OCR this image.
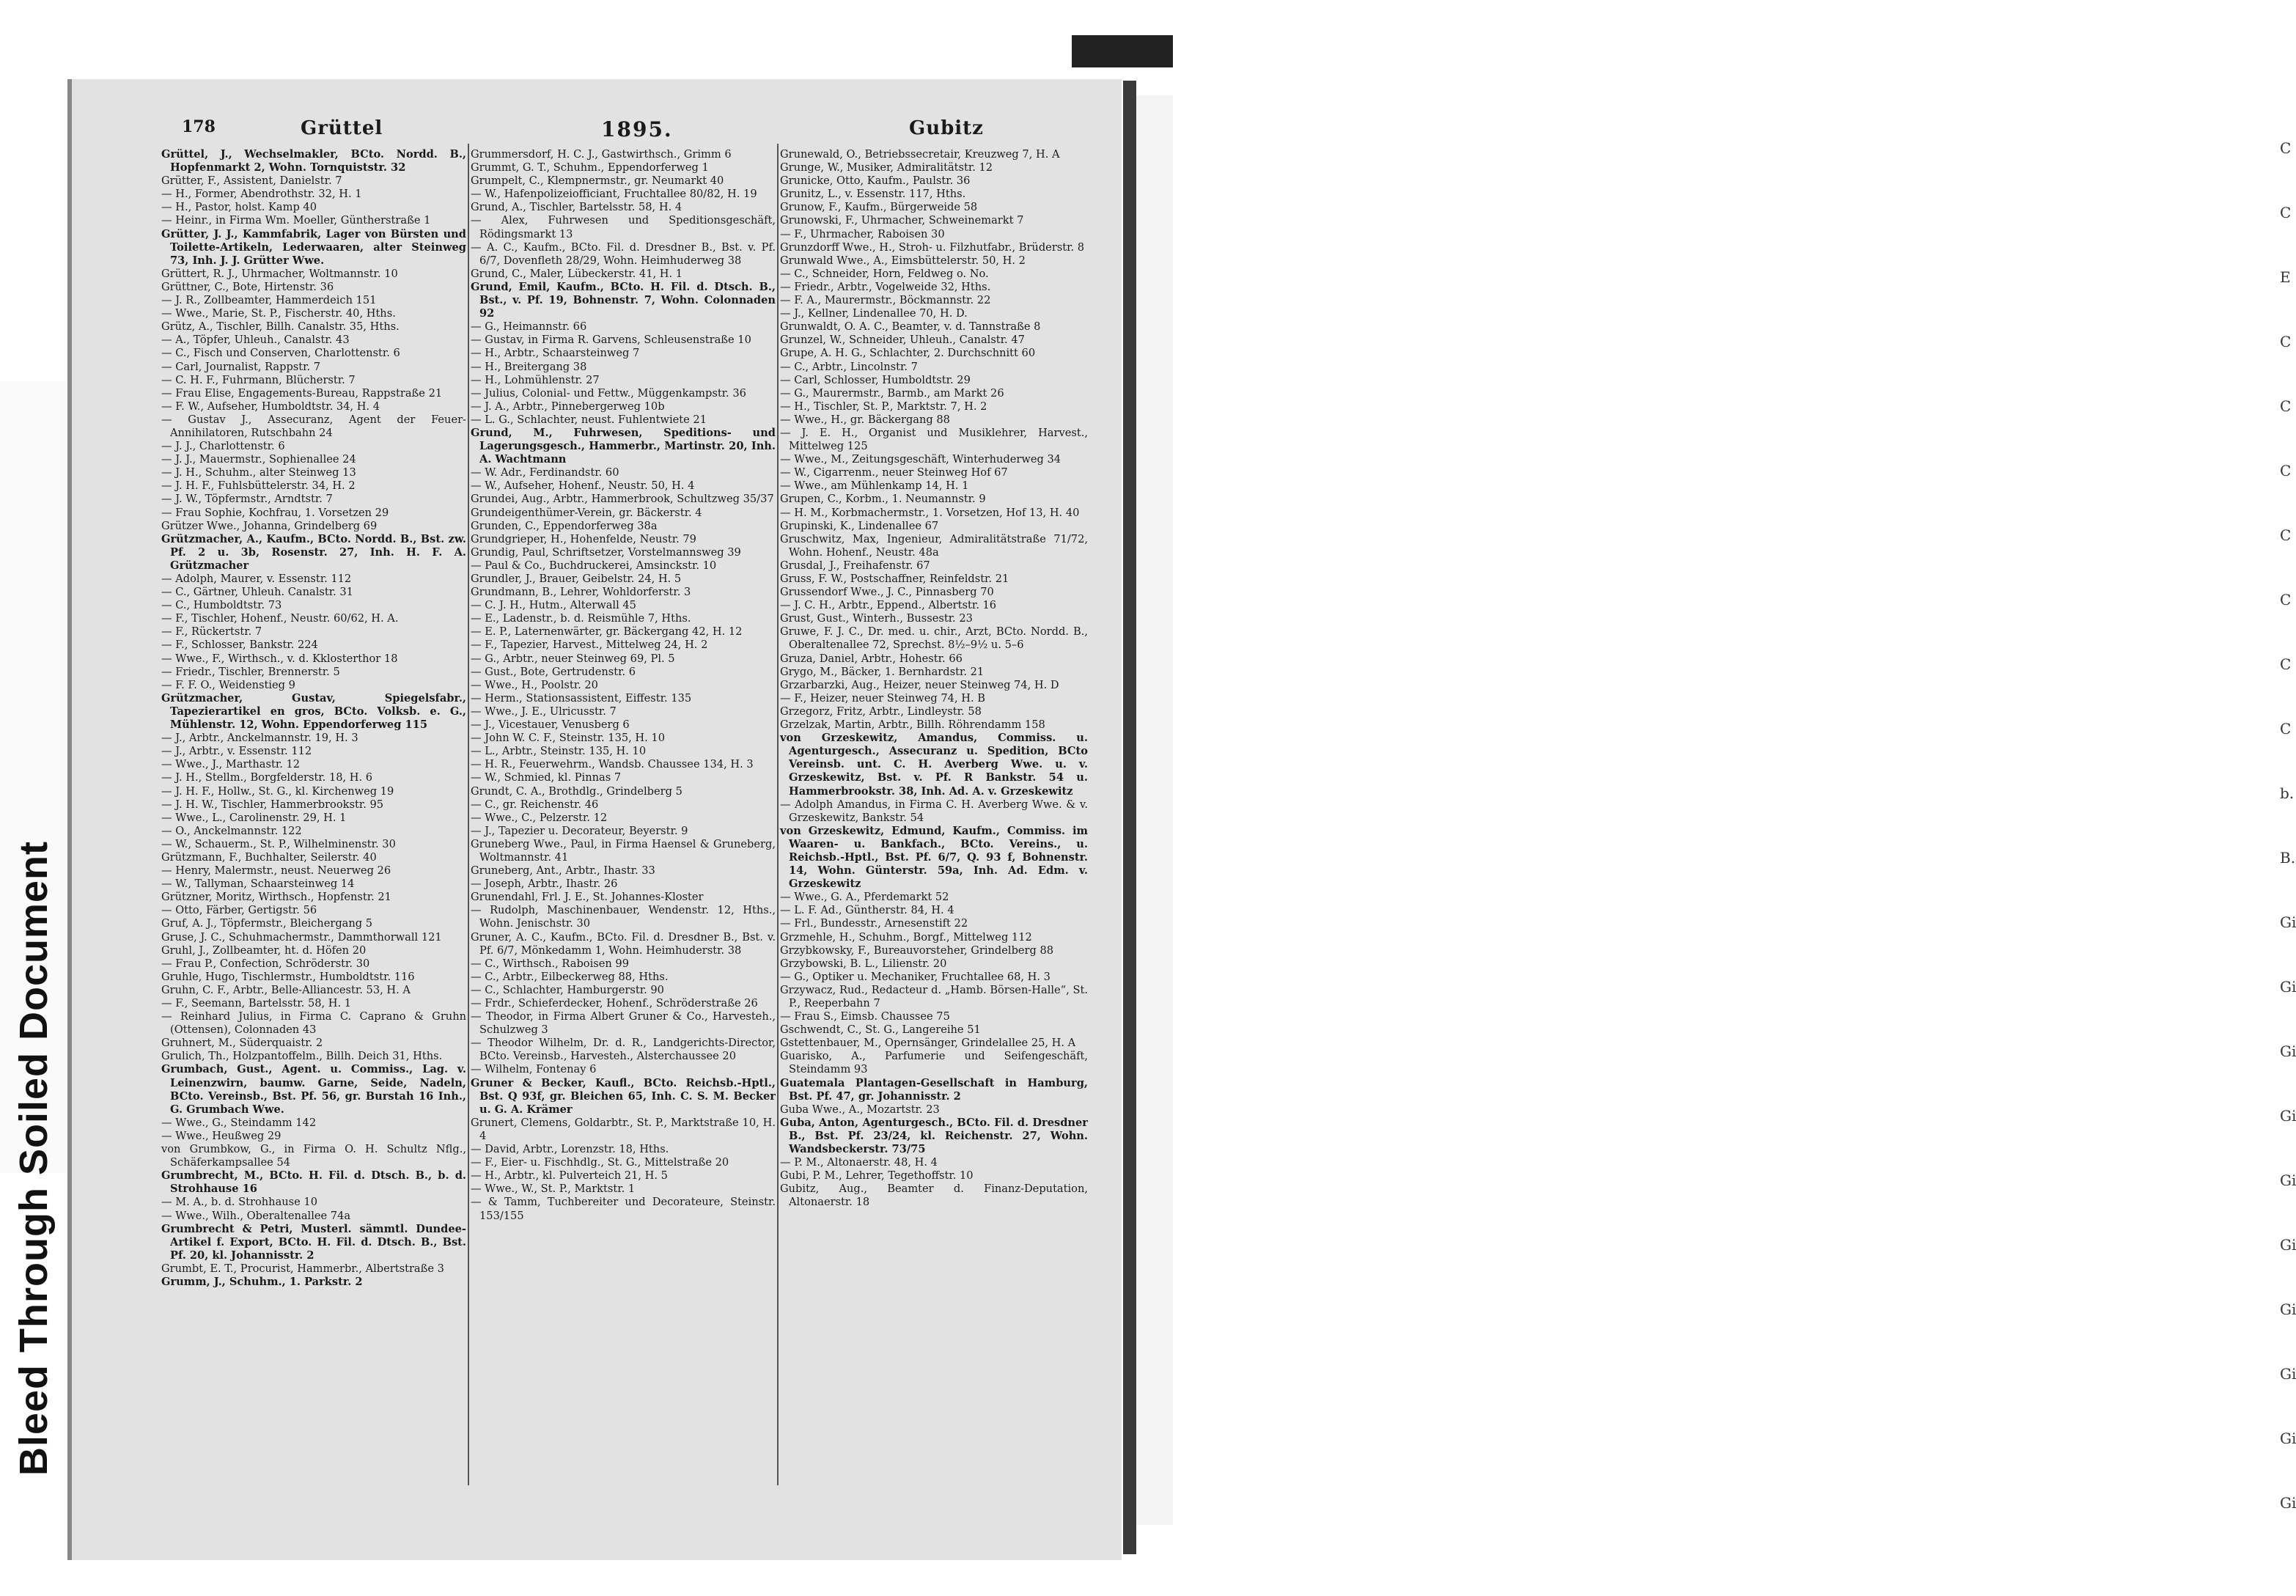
C
C
E
C
C
C
C
C
C
C
b.
B.
Gi
Gi
Gi
Gi
Gi
Gi
Gi
Gi
Gi
Gi
Bleed Through Soiled Document
178	Grüttel	1895.	Gubitz

Grüttel, J., Wechselmakler, BCto. Nordd. B., Hopfenmarkt 2, Wohn. Tornquiststr. 32

Grütter, F., Assistent, Danielstr. 7

— H., Former, Abendrothstr. 32, H. 1

— H., Pastor, holst. Kamp 40

— Heinr., in Firma Wm. Moeller, Güntherstraße 1

Grütter, J. J., Kammfabrik, Lager von Bürsten und Toilette-Artikeln, Lederwaaren, alter Steinweg 73, Inh. J. J. Grütter Wwe.

Grüttert, R. J., Uhrmacher, Woltmannstr. 10

Grüttner, C., Bote, Hirtenstr. 36

— J. R., Zollbeamter, Hammerdeich 151

— Wwe., Marie, St. P., Fischerstr. 40, Hths.

Grütz, A., Tischler, Billh. Canalstr. 35, Hths.

— A., Töpfer, Uhleuh., Canalstr. 43

— C., Fisch und Conserven, Charlottenstr. 6

— Carl, Journalist, Rappstr. 7

— C. H. F., Fuhrmann, Blücherstr. 7

— Frau Elise, Engagements-Bureau, Rappstraße 21

— F. W., Aufseher, Humboldtstr. 34, H. 4

— Gustav J., Assecuranz, Agent der Feuer-Annihilatoren, Rutschbahn 24

— J. J., Charlottenstr. 6

— J. J., Mauermstr., Sophienallee 24

— J. H., Schuhm., alter Steinweg 13

— J. H. F., Fuhlsbüttelerstr. 34, H. 2

— J. W., Töpfermstr., Arndtstr. 7

— Frau Sophie, Kochfrau, 1. Vorsetzen 29

Grützer Wwe., Johanna, Grindelberg 69

Grützmacher, A., Kaufm., BCto. Nordd. B., Bst. zw. Pf. 2 u. 3b, Rosenstr. 27, Inh. H. F. A. Grützmacher

— Adolph, Maurer, v. Essenstr. 112

— C., Gärtner, Uhleuh. Canalstr. 31

— C., Humboldtstr. 73

— F., Tischler, Hohenf., Neustr. 60/62, H. A.

— F., Rückertstr. 7

— F., Schlosser, Bankstr. 224

— Wwe., F., Wirthsch., v. d. Kklosterthor 18

— Friedr., Tischler, Brennerstr. 5

— F. F. O., Weidenstieg 9

Grützmacher, Gustav, Spiegelsfabr., Tapezierartikel en gros, BCto. Volksb. e. G., Mühlenstr. 12, Wohn. Eppendorferweg 115

— J., Arbtr., Anckelmannstr. 19, H. 3

— J., Arbtr., v. Essenstr. 112

— Wwe., J., Marthastr. 12

— J. H., Stellm., Borgfelderstr. 18, H. 6

— J. H. F., Hollw., St. G., kl. Kirchenweg 19

— J. H. W., Tischler, Hammerbrookstr. 95

— Wwe., L., Carolinenstr. 29, H. 1

— O., Anckelmannstr. 122

— W., Schauerm., St. P., Wilhelminenstr. 30

Grützmann, F., Buchhalter, Seilerstr. 40

— Henry, Malermstr., neust. Neuerweg 26

— W., Tallyman, Schaarsteinweg 14

Grützner, Moritz, Wirthsch., Hopfenstr. 21

— Otto, Färber, Gertigstr. 56

Gruf, A. J., Töpfermstr., Bleichergang 5

Gruse, J. C., Schuhmachermstr., Dammthorwall 121

Gruhl, J., Zollbeamter, ht. d. Höfen 20

— Frau P., Confection, Schröderstr. 30

Gruhle, Hugo, Tischlermstr., Humboldtstr. 116

Gruhn, C. F., Arbtr., Belle-Alliancestr. 53, H. A

— F., Seemann, Bartelsstr. 58, H. 1

— Reinhard Julius, in Firma C. Caprano & Gruhn (Ottensen), Colonnaden 43

Gruhnert, M., Süderquaistr. 2

Grulich, Th., Holzpantoffelm., Billh. Deich 31, Hths.

Grumbach, Gust., Agent. u. Commiss., Lag. v. Leinenzwirn, baumw. Garne, Seide, Nadeln, BCto. Vereinsb., Bst. Pf. 56, gr. Burstah 16 Inh., G. Grumbach Wwe.

— Wwe., G., Steindamm 142

— Wwe., Heußweg 29

von Grumbkow, G., in Firma O. H. Schultz Nflg., Schäferkampsallee 54

Grumbrecht, M., BCto. H. Fil. d. Dtsch. B., b. d. Strohhause 16

— M. A., b. d. Strohhause 10

— Wwe., Wilh., Oberaltenallee 74a

Grumbrecht & Petri, Musterl. sämmtl. Dundee-Artikel f. Export, BCto. H. Fil. d. Dtsch. B., Bst. Pf. 20, kl. Johannisstr. 2

Grumbt, E. T., Procurist, Hammerbr., Albertstraße 3

Grumm, J., Schuhm., 1. Parkstr. 2

Grummersdorf, H. C. J., Gastwirthsch., Grimm 6

Grummt, G. T., Schuhm., Eppendorferweg 1

Grumpelt, C., Klempnermstr., gr. Neumarkt 40

— W., Hafenpolizeiofficiant, Fruchtallee 80/82, H. 19

Grund, A., Tischler, Bartelsstr. 58, H. 4

— Alex, Fuhrwesen und Speditionsgeschäft, Rödingsmarkt 13

— A. C., Kaufm., BCto. Fil. d. Dresdner B., Bst. v. Pf. 6/7, Dovenfleth 28/29, Wohn. Heimhuderweg 38

Grund, C., Maler, Lübeckerstr. 41, H. 1

Grund, Emil, Kaufm., BCto. H. Fil. d. Dtsch. B., Bst., v. Pf. 19, Bohnenstr. 7, Wohn. Colonnaden 92

— G., Heimannstr. 66

— Gustav, in Firma R. Garvens, Schleusenstraße 10

— H., Arbtr., Schaarsteinweg 7

— H., Breitergang 38

— H., Lohmühlenstr. 27

— Julius, Colonial- und Fettw., Müggenkampstr. 36

— J. A., Arbtr., Pinnebergerweg 10b

— L. G., Schlachter, neust. Fuhlentwiete 21

Grund, M., Fuhrwesen, Speditions- und Lagerungsgesch., Hammerbr., Martinstr. 20, Inh. A. Wachtmann

— W. Adr., Ferdinandstr. 60

— W., Aufseher, Hohenf., Neustr. 50, H. 4

Grundei, Aug., Arbtr., Hammerbrook, Schultzweg 35/37

Grundeigenthümer-Verein, gr. Bäckerstr. 4

Grunden, C., Eppendorferweg 38a

Grundgrieper, H., Hohenfelde, Neustr. 79

Grundig, Paul, Schriftsetzer, Vorstelmannsweg 39

— Paul & Co., Buchdruckerei, Amsinckstr. 10

Grundler, J., Brauer, Geibelstr. 24, H. 5

Grundmann, B., Lehrer, Wohldorferstr. 3

— C. J. H., Hutm., Alterwall 45

— E., Ladenstr., b. d. Reismühle 7, Hths.

— E. P., Laternenwärter, gr. Bäckergang 42, H. 12

— F., Tapezier, Harvest., Mittelweg 24, H. 2

— G., Arbtr., neuer Steinweg 69, Pl. 5

— Gust., Bote, Gertrudenstr. 6

— Wwe., H., Poolstr. 20

— Herm., Stationsassistent, Eiffestr. 135

— Wwe., J. E., Ulricusstr. 7

— J., Vicestauer, Venusberg 6

— John W. C. F., Steinstr. 135, H. 10

— L., Arbtr., Steinstr. 135, H. 10

— H. R., Feuerwehrm., Wandsb. Chaussee 134, H. 3

— W., Schmied, kl. Pinnas 7

Grundt, C. A., Brothdlg., Grindelberg 5

— C., gr. Reichenstr. 46

— Wwe., C., Pelzerstr. 12

— J., Tapezier u. Decorateur, Beyerstr. 9

Gruneberg Wwe., Paul, in Firma Haensel & Gruneberg, Woltmannstr. 41

Gruneberg, Ant., Arbtr., Ihastr. 33

— Joseph, Arbtr., Ihastr. 26

Grunendahl, Frl. J. E., St. Johannes-Kloster

— Rudolph, Maschinenbauer, Wendenstr. 12, Hths., Wohn. Jenischstr. 30

Gruner, A. C., Kaufm., BCto. Fil. d. Dresdner B., Bst. v. Pf. 6/7, Mönkedamm 1, Wohn. Heimhuderstr. 38

— C., Wirthsch., Raboisen 99

— C., Arbtr., Eilbeckerweg 88, Hths.

— C., Schlachter, Hamburgerstr. 90

— Frdr., Schieferdecker, Hohenf., Schröderstraße 26

— Theodor, in Firma Albert Gruner & Co., Harvesteh., Schulzweg 3

— Theodor Wilhelm, Dr. d. R., Landgerichts-Director, BCto. Vereinsb., Harvesteh., Alsterchaussee 20

— Wilhelm, Fontenay 6

Gruner & Becker, Kaufl., BCto. Reichsb.-Hptl., Bst. Q 93f, gr. Bleichen 65, Inh. C. S. M. Becker u. G. A. Krämer

Grunert, Clemens, Goldarbtr., St. P., Marktstraße 10, H. 4

— David, Arbtr., Lorenzstr. 18, Hths.

— F., Eier- u. Fischhdlg., St. G., Mittelstraße 20

— H., Arbtr., kl. Pulverteich 21, H. 5

— Wwe., W., St. P., Marktstr. 1

— & Tamm, Tuchbereiter und Decorateure, Steinstr. 153/155

Grunewald, O., Betriebssecretair, Kreuzweg 7, H. A

Grunge, W., Musiker, Admiralitätstr. 12

Grunicke, Otto, Kaufm., Paulstr. 36

Grunitz, L., v. Essenstr. 117, Hths.

Grunow, F., Kaufm., Bürgerweide 58

Grunowski, F., Uhrmacher, Schweinemarkt 7

— F., Uhrmacher, Raboisen 30

Grunzdorff Wwe., H., Stroh- u. Filzhutfabr., Brüderstr. 8

Grunwald Wwe., A., Eimsbüttelerstr. 50, H. 2

— C., Schneider, Horn, Feldweg o. No.

— Friedr., Arbtr., Vogelweide 32, Hths.

— F. A., Maurermstr., Böckmannstr. 22

— J., Kellner, Lindenallee 70, H. D.

Grunwaldt, O. A. C., Beamter, v. d. Tannstraße 8

Grunzel, W., Schneider, Uhleuh., Canalstr. 47

Grupe, A. H. G., Schlachter, 2. Durchschnitt 60

— C., Arbtr., Lincolnstr. 7

— Carl, Schlosser, Humboldtstr. 29

— G., Maurermstr., Barmb., am Markt 26

— H., Tischler, St. P., Marktstr. 7, H. 2

— Wwe., H., gr. Bäckergang 88

— J. E. H., Organist und Musiklehrer, Harvest., Mittelweg 125

— Wwe., M., Zeitungsgeschäft, Winterhuderweg 34

— W., Cigarrenm., neuer Steinweg Hof 67

— Wwe., am Mühlenkamp 14, H. 1

Grupen, C., Korbm., 1. Neumannstr. 9

— H. M., Korbmachermstr., 1. Vorsetzen, Hof 13, H. 40

Grupinski, K., Lindenallee 67

Gruschwitz, Max, Ingenieur, Admiralitätstraße 71/72, Wohn. Hohenf., Neustr. 48a

Grusdal, J., Freihafenstr. 67

Gruss, F. W., Postschaffner, Reinfeldstr. 21

Grussendorf Wwe., J. C., Pinnasberg 70

— J. C. H., Arbtr., Eppend., Albertstr. 16

Grust, Gust., Winterh., Bussestr. 23

Gruwe, F. J. C., Dr. med. u. chir., Arzt, BCto. Nordd. B., Oberaltenallee 72, Sprechst. 8½–9½ u. 5–6

Gruza, Daniel, Arbtr., Hohestr. 66

Grygo, M., Bäcker, 1. Bernhardstr. 21

Grzarbarzki, Aug., Heizer, neuer Steinweg 74, H. D

— F., Heizer, neuer Steinweg 74, H. B

Grzegorz, Fritz, Arbtr., Lindleystr. 58

Grzelzak, Martin, Arbtr., Billh. Röhrendamm 158

von Grzeskewitz, Amandus, Commiss. u. Agenturgesch., Assecuranz u. Spedition, BCto Vereinsb. unt. C. H. Averberg Wwe. u. v. Grzeskewitz, Bst. v. Pf. R Bankstr. 54 u. Hammerbrookstr. 38, Inh. Ad. A. v. Grzeskewitz

— Adolph Amandus, in Firma C. H. Averberg Wwe. & v. Grzeskewitz, Bankstr. 54

von Grzeskewitz, Edmund, Kaufm., Commiss. im Waaren- u. Bankfach., BCto. Vereins., u. Reichsb.-Hptl., Bst. Pf. 6/7, Q. 93 f, Bohnenstr. 14, Wohn. Günterstr. 59a, Inh. Ad. Edm. v. Grzeskewitz

— Wwe., G. A., Pferdemarkt 52

— L. F. Ad., Güntherstr. 84, H. 4

— Frl., Bundesstr., Arnesenstift 22

Grzmehle, H., Schuhm., Borgf., Mittelweg 112

Grzybkowsky, F., Bureauvorsteher, Grindelberg 88

Grzybowski, B. L., Lilienstr. 20

— G., Optiker u. Mechaniker, Fruchtallee 68, H. 3

Grzywacz, Rud., Redacteur d. „Hamb. Börsen-Halle“, St. P., Reeperbahn 7

— Frau S., Eimsb. Chaussee 75

Gschwendt, C., St. G., Langereihe 51

Gstettenbauer, M., Opernsänger, Grindelallee 25, H. A

Guarisko, A., Parfumerie und Seifengeschäft, Steindamm 93

Guatemala Plantagen-Gesellschaft in Hamburg, Bst. Pf. 47, gr. Johannisstr. 2

Guba Wwe., A., Mozartstr. 23

Guba, Anton, Agenturgesch., BCto. Fil. d. Dresdner B., Bst. Pf. 23/24, kl. Reichenstr. 27, Wohn. Wandsbeckerstr. 73/75

— P. M., Altonaerstr. 48, H. 4

Gubi, P. M., Lehrer, Tegethoffstr. 10

Gubitz, Aug., Beamter d. Finanz-Deputation, Altonaerstr. 18
